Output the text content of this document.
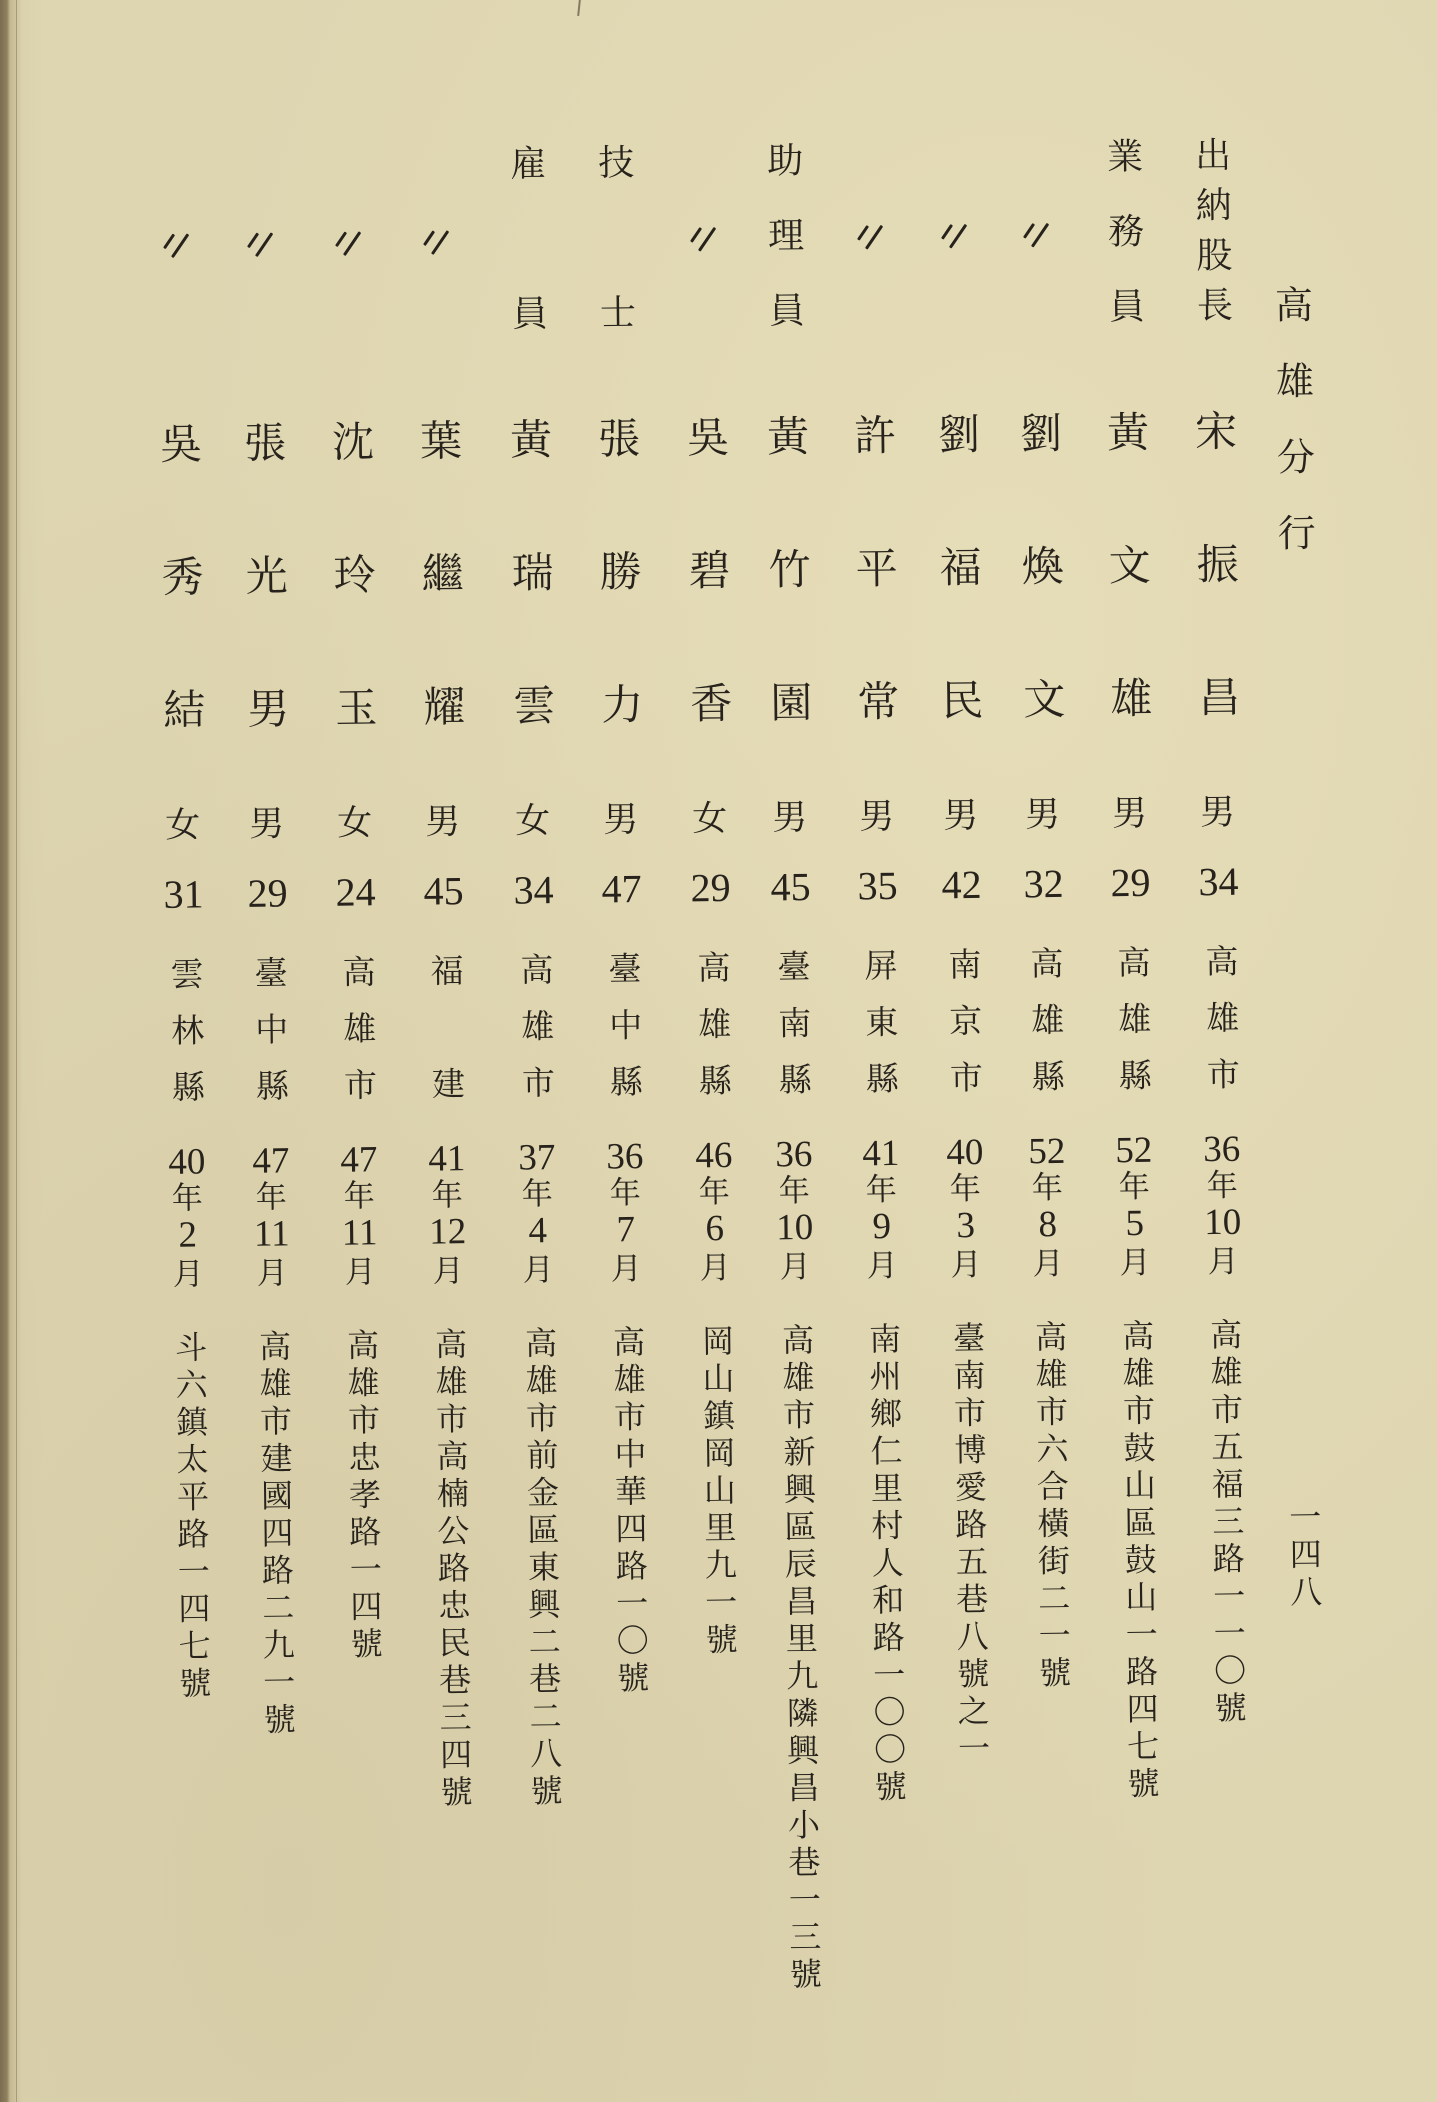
高雄分行
一四八
出納股長
宋振昌
男
34
高雄市
36
年
10
月
高雄市五福三路一一〇號
業務員
黃文雄
男
29
高雄縣
52
年
5
月
高雄市鼓山區鼓山一路四七號
劉煥文
男
32
高雄縣
52
年
8
月
高雄市六合橫街二一號
劉福民
男
42
南京市
40
年
3
月
臺南市博愛路五巷八號之一
許平常
男
35
屏東縣
41
年
9
月
南州鄉仁里村人和路一〇〇號
助理員
黃竹園
男
45
臺南縣
36
年
10
月
高雄市新興區辰昌里九隣興昌小巷一三號
吳碧香
女
29
高雄縣
46
年
6
月
岡山鎮岡山里九一號
技士
張勝力
男
47
臺中縣
36
年
7
月
高雄市中華四路一〇號
雇員
黃瑞雲
女
34
高雄市
37
年
4
月
高雄市前金區東興二巷二八號
葉繼耀
男
45
福建
41
年
12
月
高雄市高楠公路忠民巷三四號
沈玲玉
女
24
高雄市
47
年
11
月
高雄市忠孝路一四號
張光男
男
29
臺中縣
47
年
11
月
高雄市建國四路二九一號
吳秀結
女
31
雲林縣
40
年
2
月
斗六鎮太平路一四七號
